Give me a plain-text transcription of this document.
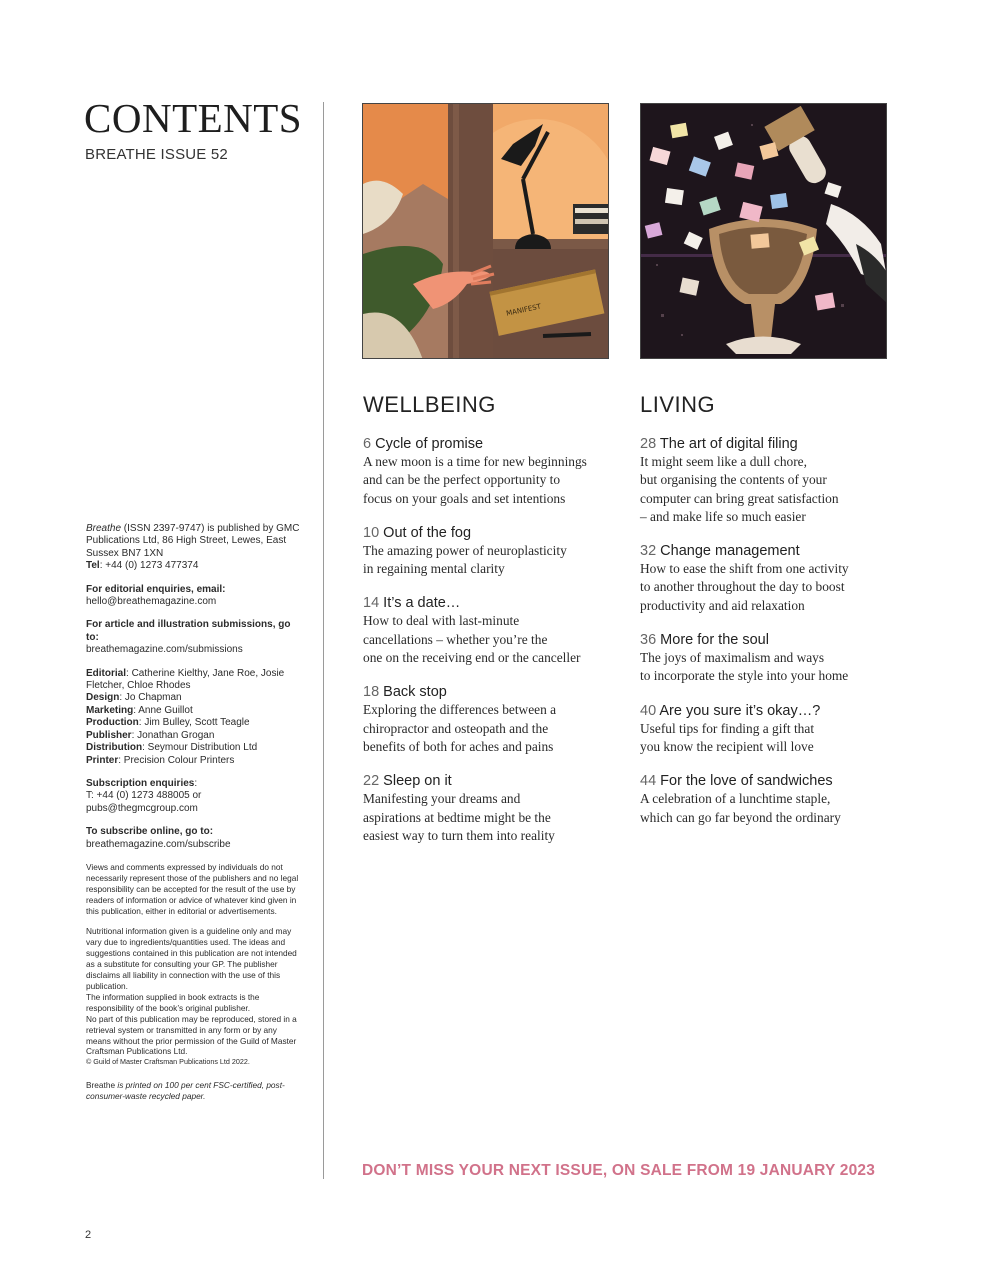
CONTENTS
BREATHE ISSUE 52

Breathe (ISSN 2397-9747) is published by GMC Publications Ltd, 86 High Street, Lewes, East Sussex BN7 1XN
Tel: +44 (0) 1273 477374

For editorial enquiries, email:
hello@breathemagazine.com

For article and illustration submissions, go to:
breathemagazine.com/submissions

Editorial: Catherine Kielthy, Jane Roe, Josie Fletcher, Chloe Rhodes
Design: Jo Chapman
Marketing: Anne Guillot
Production: Jim Bulley, Scott Teagle
Publisher: Jonathan Grogan
Distribution: Seymour Distribution Ltd
Printer: Precision Colour Printers

Subscription enquiries:
T: +44 (0) 1273 488005 or pubs@thegmcgroup.com

To subscribe online, go to:
breathemagazine.com/subscribe

Views and comments expressed by individuals do not necessarily represent those of the publishers and no legal responsibility can be accepted for the result of the use by readers of information or advice of whatever kind given in this publication, either in editorial or advertisements.

Nutritional information given is a guideline only and may vary due to ingredients/quantities used. The ideas and suggestions contained in this publication are not intended as a substitute for consulting your GP. The publisher disclaims all liability in connection with the use of this publication.

The information supplied in book extracts is the responsibility of the book’s original publisher.

No part of this publication may be reproduced, stored in a retrieval system or transmitted in any form or by any means without the prior permission of the Guild of Master Craftsman Publications Ltd.

© Guild of Master Craftsman Publications Ltd 2022.

Breathe is printed on 100 per cent FSC-certified, post-consumer-waste recycled paper.

2
MANIFEST
WELLBEING
6 Cycle of promise
A new moon is a time for new beginnings
and can be the perfect opportunity to
focus on your goals and set intentions
10 Out of the fog
The amazing power of neuroplasticity
in regaining mental clarity
14 It’s a date…
How to deal with last-minute
cancellations – whether you’re the
one on the receiving end or the canceller
18 Back stop
Exploring the differences between a
chiropractor and osteopath and the
benefits of both for aches and pains
22 Sleep on it
Manifesting your dreams and
aspirations at bedtime might be the
easiest way to turn them into reality
LIVING
28 The art of digital filing
It might seem like a dull chore,
but organising the contents of your
computer can bring great satisfaction
– and make life so much easier
32 Change management
How to ease the shift from one activity
to another throughout the day to boost
productivity and aid relaxation
36 More for the soul
The joys of maximalism and ways
to incorporate the style into your home
40 Are you sure it’s okay…?
Useful tips for finding a gift that
you know the recipient will love
44 For the love of sandwiches
A celebration of a lunchtime staple,
which can go far beyond the ordinary
DON’T MISS YOUR NEXT ISSUE, ON SALE FROM 19 JANUARY 2023
